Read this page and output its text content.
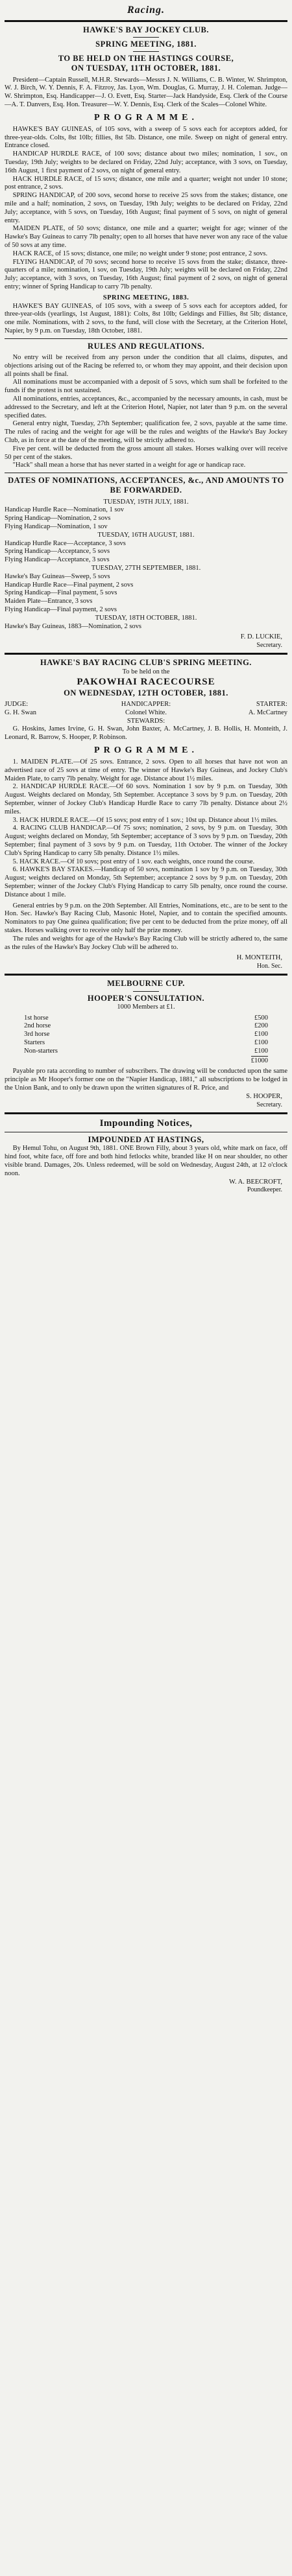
Racing.
HAWKE'S BAY JOCKEY CLUB.
SPRING MEETING, 1881.
TO BE HELD ON THE HASTINGS COURSE,
ON TUESDAY, 11TH OCTOBER, 1881.

President—Captain Russell, M.H.R. Stewards—Messrs J. N. Williams, C. B. Winter, W. Shrimpton, W. J. Birch, W. Y. Dennis, F. A. Fitzroy, Jas. Lyon, Wm. Douglas, G. Murray, J. H. Coleman. Judge—W. Shrimpton, Esq. Handicapper—J. O. Evett, Esq. Starter—Jack Handyside, Esq. Clerk of the Course—A. T. Danvers, Esq. Hon. Treasurer—W. Y. Dennis, Esq. Clerk of the Scales—Colonel White.

PROGRAMME.

HAWKE'S BAY GUINEAS, of 105 sovs, with a sweep of 5 sovs each for acceptors added, for three-year-olds. Colts, 8st 10lb; fillies, 8st 5lb. Distance, one mile. Sweep on night of general entry. Entrance closed.

HANDICAP HURDLE RACE, of 100 sovs; distance about two miles; nomination, 1 sov., on Tuesday, 19th July; weights to be declared on Friday, 22nd July; acceptance, with 3 sovs, on Tuesday, 16th August, 1 first payment of 2 sovs, on night of general entry.

HACK HURDLE RACE, of 15 sovs; distance, one mile and a quarter; weight not under 10 stone; post entrance, 2 sovs.

SPRING HANDICAP, of 200 sovs, second horse to receive 25 sovs from the stakes; distance, one mile and a half; nomination, 2 sovs, on Tuesday, 19th July; weights to be declared on Friday, 22nd July; acceptance, with 5 sovs, on Tuesday, 16th August; final payment of 5 sovs, on night of general entry.

MAIDEN PLATE, of 50 sovs; distance, one mile and a quarter; weight for age; winner of the Hawke's Bay Guineas to carry 7lb penalty; open to all horses that have never won any race of the value of 50 sovs at any time.

HACK RACE, of 15 sovs; distance, one mile; no weight under 9 stone; post entrance, 2 sovs.

FLYING HANDICAP, of 70 sovs; second horse to receive 15 sovs from the stake; distance, three-quarters of a mile; nomination, 1 sov, on Tuesday, 19th July; weights will be declared on Friday, 22nd July; acceptance, with 3 sovs, on Tuesday, 16th August; final payment of 2 sovs, on night of general entry; winner of Spring Handicap to carry 7lb penalty.

SPRING MEETING, 1883.

HAWKE'S BAY GUINEAS, of 105 sovs, with a sweep of 5 sovs each for acceptors added, for three-year-olds (yearlings, 1st August, 1881): Colts, 8st 10lb; Geldings and Fillies, 8st 5lb; distance, one mile. Nominations, with 2 sovs, to the fund, will close with the Secretary, at the Criterion Hotel, Napier, by 9 p.m. on Tuesday, 18th October, 1881.

RULES AND REGULATIONS.

No entry will be received from any person under the condition that all claims, disputes, and objections arising out of the Racing be referred to, or whom they may appoint, and their decision upon all points shall be final.

All nominations must be accompanied with a deposit of 5 sovs, which sum shall be forfeited to the funds if the protest is not sustained.

All nominations, entries, acceptances, &c., accompanied by the necessary amounts, in cash, must be addressed to the Secretary, and left at the Criterion Hotel, Napier, not later than 9 p.m. on the several specified dates.

General entry night, Tuesday, 27th September; qualification fee, 2 sovs, payable at the same time. The rules of racing and the weight for age will be the rules and weights of the Hawke's Bay Jockey Club, as in force at the date of the meeting, will be strictly adhered to.

Five per cent. will be deducted from the gross amount all stakes. Horses walking over will receive 50 per cent of the stakes.

"Hack" shall mean a horse that has never started in a weight for age or handicap race.

DATES OF NOMINATIONS, ACCEPTANCES, &c., AND AMOUNTS TO BE FORWARDED.
TUESDAY, 19TH JULY, 1881.
Handicap Hurdle Race—Nomination, 1 sov
Spring Handicap—Nomination, 2 sovs
Flying Handicap—Nomination, 1 sov
TUESDAY, 16TH AUGUST, 1881.
Handicap Hurdle Race—Acceptance, 3 sovs
Spring Handicap—Acceptance, 5 sovs
Flying Handicap—Acceptance, 3 sovs
TUESDAY, 27TH SEPTEMBER, 1881.
Hawke's Bay Guineas—Sweep, 5 sovs
Handicap Hurdle Race—Final payment, 2 sovs
Spring Handicap—Final payment, 5 sovs
Maiden Plate—Entrance, 3 sovs
Flying Handicap—Final payment, 2 sovs
TUESDAY, 18TH OCTOBER, 1881.
Hawke's Bay Guineas, 1883—Nomination, 2 sovs
F. D. LUCKIE,
Secretary.
HAWKE'S BAY RACING CLUB'S SPRING MEETING.
To be held on the
PAKOWHAI RACECOURSE
ON WEDNESDAY, 12TH OCTOBER, 1881.
JUDGE:	HANDICAPPER:	STARTER:
G. H. Swan	Colonel White.	A. McCartney
STEWARDS:

G. Hoskins, James Irvine, G. H. Swan, John Baxter, A. McCartney, J. B. Hollis, H. Monteith, J. Leonard, R. Barrow, S. Hooper, P. Robinson.

PROGRAMME.

1. MAIDEN PLATE.—Of 25 sovs. Entrance, 2 sovs. Open to all horses that have not won an advertised race of 25 sovs at time of entry. The winner of Hawke's Bay Guineas, and Jockey Club's Maiden Plate, to carry 7lb penalty. Weight for age. Distance about 1½ miles.

2. HANDICAP HURDLE RACE.—Of 60 sovs. Nomination 1 sov by 9 p.m. on Tuesday, 30th August. Weights declared on Monday, 5th September. Acceptance 3 sovs by 9 p.m. on Tuesday, 20th September, winner of Jockey Club's Handicap Hurdle Race to carry 7lb penalty. Distance about 2½ miles.

3. HACK HURDLE RACE.—Of 15 sovs; post entry of 1 sov.; 10st up. Distance about 1½ miles.

4. RACING CLUB HANDICAP.—Of 75 sovs; nomination, 2 sovs, by 9 p.m. on Tuesday, 30th August; weights declared on Monday, 5th September; acceptance of 3 sovs by 9 p.m. on Tuesday, 20th September; final payment of 3 sovs by 9 p.m. on Tuesday, 11th October. The winner of the Jockey Club's Spring Handicap to carry 5lb penalty. Distance 1½ miles.

5. HACK RACE.—Of 10 sovs; post entry of 1 sov. each weights, once round the course.

6. HAWKE'S BAY STAKES.—Handicap of 50 sovs, nomination 1 sov by 9 p.m. on Tuesday, 30th August; weights declared on Monday, 5th September; acceptance 2 sovs by 9 p.m. on Tuesday, 20th September; winner of the Jockey Club's Flying Handicap to carry 5lb penalty, once round the course. Distance about 1 mile.

General entries by 9 p.m. on the 20th September. All Entries, Nominations, etc., are to be sent to the Hon. Sec. Hawke's Bay Racing Club, Masonic Hotel, Napier, and to contain the specified amounts. Nominators to pay One guinea qualification; five per cent to be deducted from the prize money, off all stakes. Horses walking over to receive only half the prize money.

The rules and weights for age of the Hawke's Bay Racing Club will be strictly adhered to, the same as the rules of the Hawke's Bay Jockey Club will be adhered to.

H. MONTEITH,
Hon. Sec.
MELBOURNE CUP.
HOOPER'S CONSULTATION.
1000 Members at £1.
1st horse	£500
2nd horse	£200
3rd horse	£100
Starters	£100
Non-starters	£100
£1000

Payable pro rata according to number of subscribers. The drawing will be conducted upon the same principle as Mr Hooper's former one on the "Napier Handicap, 1881," all subscriptions to be lodged in the Union Bank, and to only be drawn upon the written signatures of R. Price, and

S. HOOPER,
Secretary.
Impounding Notices,
IMPOUNDED AT HASTINGS,

By Hemul Tohu, on August 9th, 1881. ONE Brown Filly, about 3 years old, white mark on face, off hind foot, white face, off fore and both hind fetlocks white, branded like H on near shoulder, no other visible brand. Damages, 20s. Unless redeemed, will be sold on Wednesday, August 24th, at 12 o'clock noon.

W. A. BEECROFT,
Poundkeeper.
